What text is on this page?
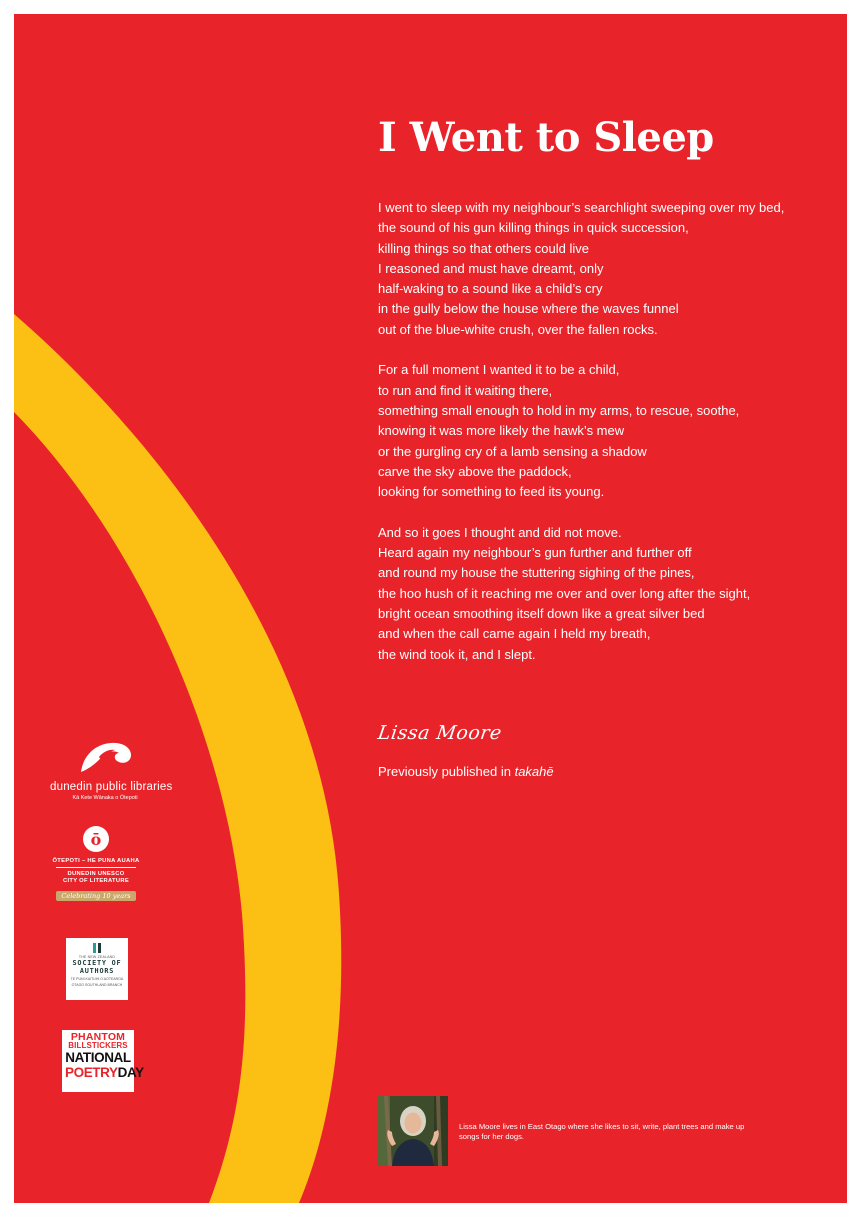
I Went to Sleep

I went to sleep with my neighbour’s searchlight sweeping over my bed,
the sound of his gun killing things in quick succession,
killing things so that others could live
I reasoned and must have dreamt, only
half-waking to a sound like a child’s cry
in the gully below the house where the waves funnel
out of the blue-white crush, over the fallen rocks.

For a full moment I wanted it to be a child,
to run and find it waiting there,
something small enough to hold in my arms, to rescue, soothe,
knowing it was more likely the hawk’s mew
or the gurgling cry of a lamb sensing a shadow
carve the sky above the paddock,
looking for something to feed its young.

And so it goes I thought and did not move.
Heard again my neighbour’s gun further and further off
and round my house the stuttering sighing of the pines,
the hoo hush of it reaching me over and over long after the sight,
bright ocean smoothing itself down like a great silver bed
and when the call came again I held my breath,
the wind took it, and I slept.

Lissa Moore
Previously published in takahē
dunedin public libraries
Kā Kete Wānaka o Ōtepoti
ō
ŌTEPOTI – HE PUNA AUAHA
DUNEDIN UNESCO
CITY OF LITERATURE
Celebrating 10 years
THE NEW ZEALAND
SOCIETY OF
AUTHORS
TE PUNI KAITUHI O AOTEAROA
OTAGO SOUTHLAND BRANCH
PHANTOM
BILLSTICKERS
NATIONAL
POETRYDAY
Lissa Moore lives in East Otago where she likes to sit, write, plant trees and make up songs for her dogs.
